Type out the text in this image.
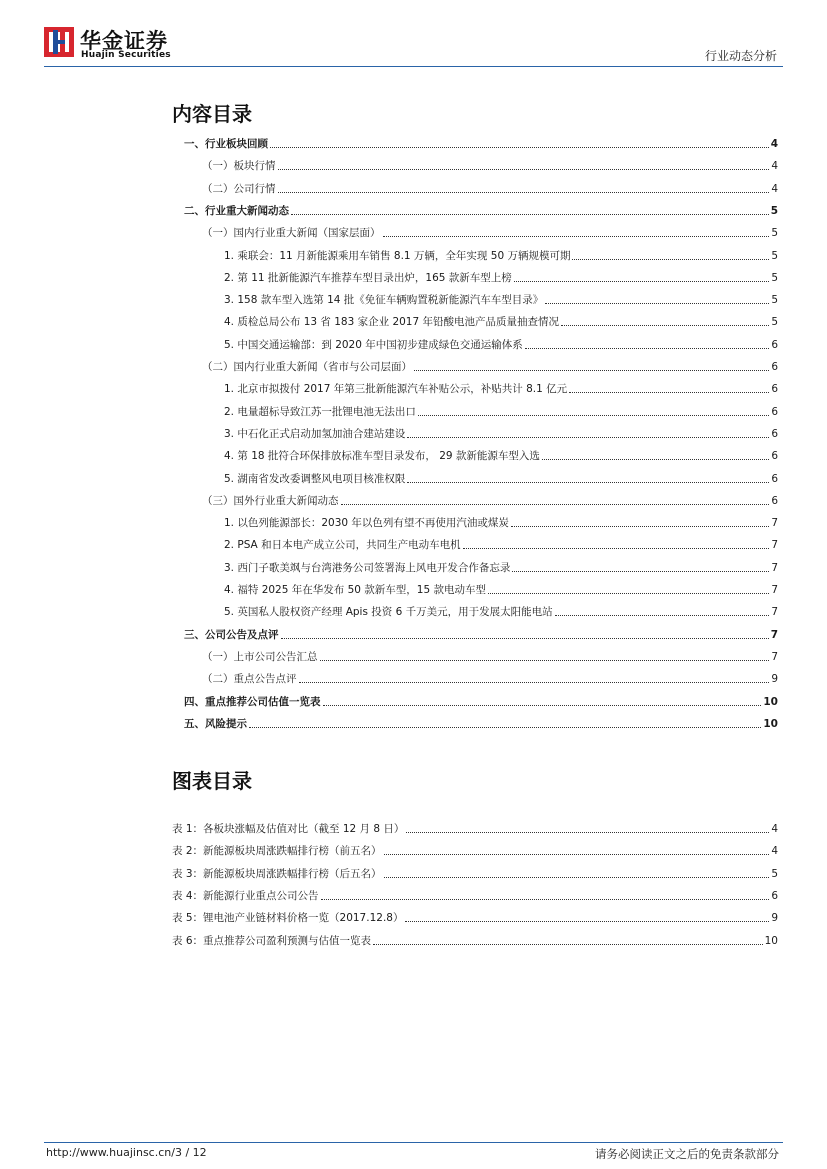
华金证券
Huajin Securities	行业动态分析
内容目录
一、行业板块回顾	4
（一）板块行情	4
（二）公司行情	4
二、行业重大新闻动态	5
（一）国内行业重大新闻（国家层面）	5
1. 乘联会：11 月新能源乘用车销售 8.1 万辆，全年实现 50 万辆规模可期	5
2. 第 11 批新能源汽车推荐车型目录出炉，165 款新车型上榜	5
3. 158 款车型入选第 14 批《免征车辆购置税新能源汽车车型目录》	5
4. 质检总局公布 13 省 183 家企业 2017 年铅酸电池产品质量抽查情况	5
5. 中国交通运输部：到 2020 年中国初步建成绿色交通运输体系	6
（二）国内行业重大新闻（省市与公司层面）	6
1. 北京市拟拨付 2017 年第三批新能源汽车补贴公示，补贴共计 8.1 亿元	6
2. 电量超标导致江苏一批锂电池无法出口	6
3. 中石化正式启动加氢加油合建站建设	6
4. 第 18 批符合环保排放标准车型目录发布， 29 款新能源车型入选	6
5. 湖南省发改委调整风电项目核准权限	6
（三）国外行业重大新闻动态	6
1. 以色列能源部长：2030 年以色列有望不再使用汽油或煤炭	7
2. PSA 和日本电产成立公司，共同生产电动车电机	7
3. 西门子歌美飒与台湾港务公司签署海上风电开发合作备忘录	7
4. 福特 2025 年在华发布 50 款新车型，15 款电动车型	7
5. 英国私人股权资产经理 Apis 投资 6 千万美元，用于发展太阳能电站	7
三、公司公告及点评	7
（一）上市公司公告汇总	7
（二）重点公告点评	9
四、重点推荐公司估值一览表	10
五、风险提示	10
图表目录
表 1：各板块涨幅及估值对比（截至 12 月 8 日）	4
表 2：新能源板块周涨跌幅排行榜（前五名）	4
表 3：新能源板块周涨跌幅排行榜（后五名）	5
表 4：新能源行业重点公司公告	6
表 5：锂电池产业链材料价格一览（2017.12.8）	9
表 6：重点推荐公司盈利预测与估值一览表	10
http://www.huajinsc.cn/3 / 12	请务必阅读正文之后的免责条款部分
